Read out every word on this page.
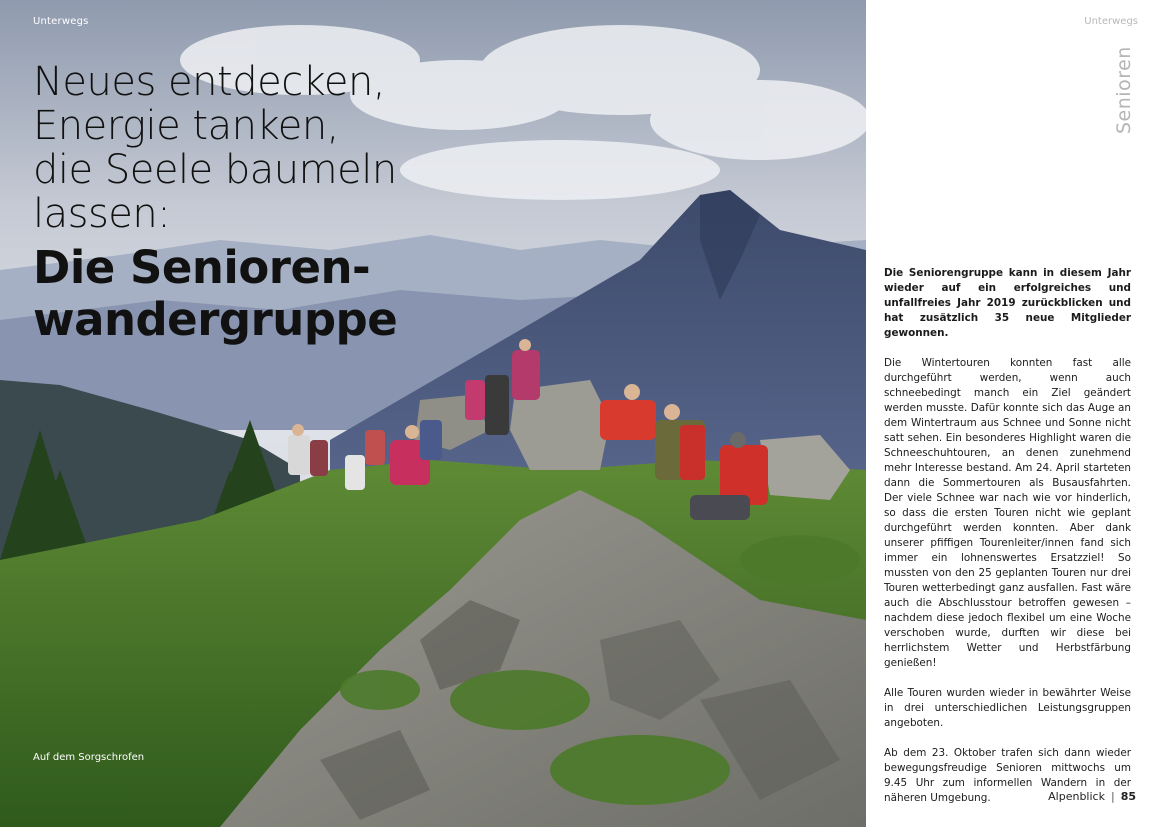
Unterwegs
Neues entdecken,
Energie tanken,
die Seele baumeln
lassen:
Die Senioren-
wandergruppe
Auf dem Sorgschrofen
Unterwegs
Senioren

Die Seniorengruppe kann in diesem Jahr wieder auf ein erfolgreiches und unfallfreies Jahr 2019 zurückblicken und hat zusätzlich 35 neue Mitglieder gewonnen.

Die Wintertouren konnten fast alle durchgeführt werden, wenn auch schneebedingt manch ein Ziel geändert werden musste. Dafür konnte sich das Auge an dem Wintertraum aus Schnee und Sonne nicht satt sehen. Ein besonderes Highlight waren die Schneeschuhtouren, an denen zunehmend mehr Interesse bestand. Am 24. April starteten dann die Sommertouren als Busausfahrten. Der viele Schnee war nach wie vor hinderlich, so dass die ersten Touren nicht wie geplant durchgeführt werden konnten. Aber dank unserer pfiffigen Tourenleiter/innen fand sich immer ein lohnenswertes Ersatzziel! So mussten von den 25 geplanten Touren nur drei Touren wetterbedingt ganz ausfallen. Fast wäre auch die Abschlusstour betroffen gewesen – nachdem diese jedoch flexibel um eine Woche verschoben wurde, durften wir diese bei herrlichstem Wetter und Herbstfärbung genießen!

Alle Touren wurden wieder in bewährter Weise in drei unterschiedlichen Leistungsgruppen angeboten.

Ab dem 23. Oktober trafen sich dann wieder bewegungsfreudige Senioren mittwochs um 9.45 Uhr zum informellen Wandern in der näheren Umgebung.	Alpenblick | 85
